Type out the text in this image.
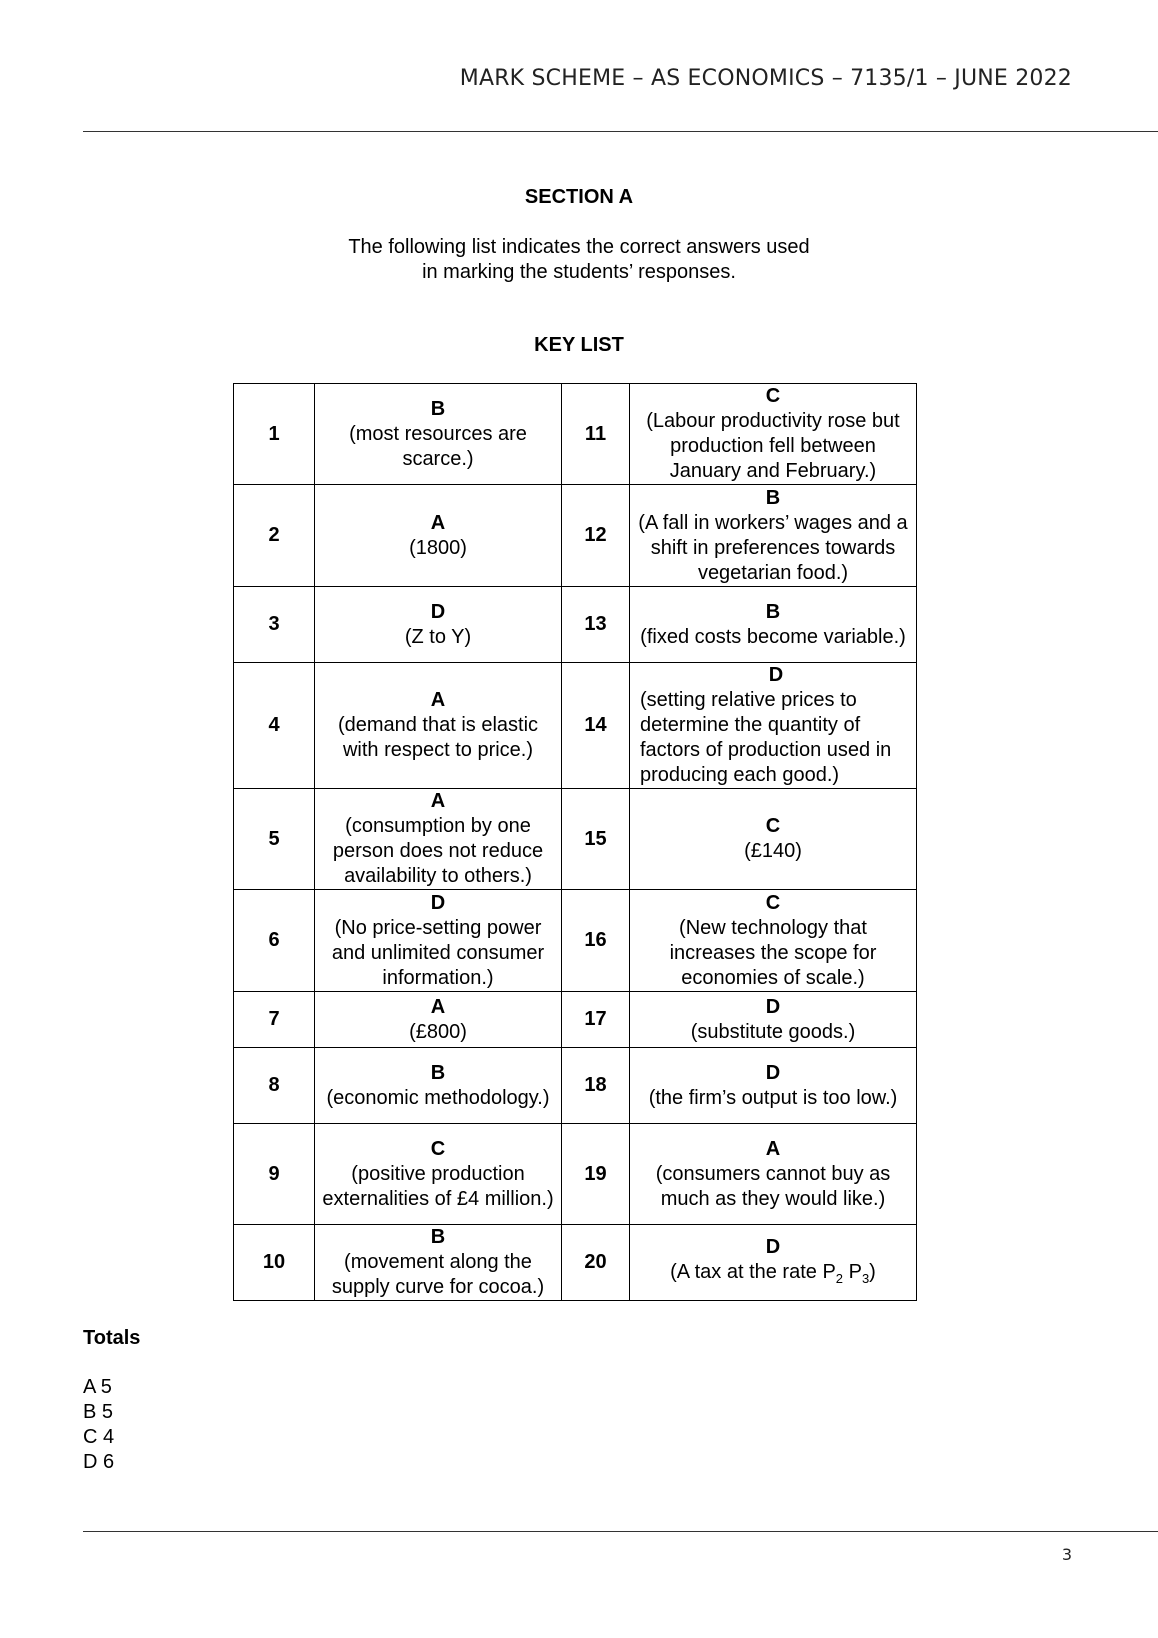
MARK SCHEME – AS ECONOMICS – 7135/1 – JUNE 2022
SECTION A
The following list indicates the correct answers used
in marking the students’ responses.
KEY LIST
1	B
(most resources are scarce.)	11	C
(Labour productivity rose but production fell between January and February.)

2	A
(1800)	12	B
(A fall in workers’ wages and a shift in preferences towards vegetarian food.)

3	D
(Z to Y)	13	B
(fixed costs become variable.)

4	A
(demand that is elastic with respect to price.)	14	D
(setting relative prices to determine the quantity of factors of production used in producing each good.)

5	A
(consumption by one person does not reduce availability to others.)	15	C
(£140)

6	D
(No price-setting power and unlimited consumer information.)	16	C
(New technology that increases the scope for economies of scale.)

7	A
(£800)	17	D
(substitute goods.)

8	B
(economic methodology.)	18	D
(the firm’s output is too low.)

9	C
(positive production externalities of £4 million.)	19	A
(consumers cannot buy as much as they would like.)

10	B
(movement along the supply curve for cocoa.)	20	D
(A tax at the rate $P_2$ $P_3$)
Totals
A 5
B 5
C 4
D 6
3
